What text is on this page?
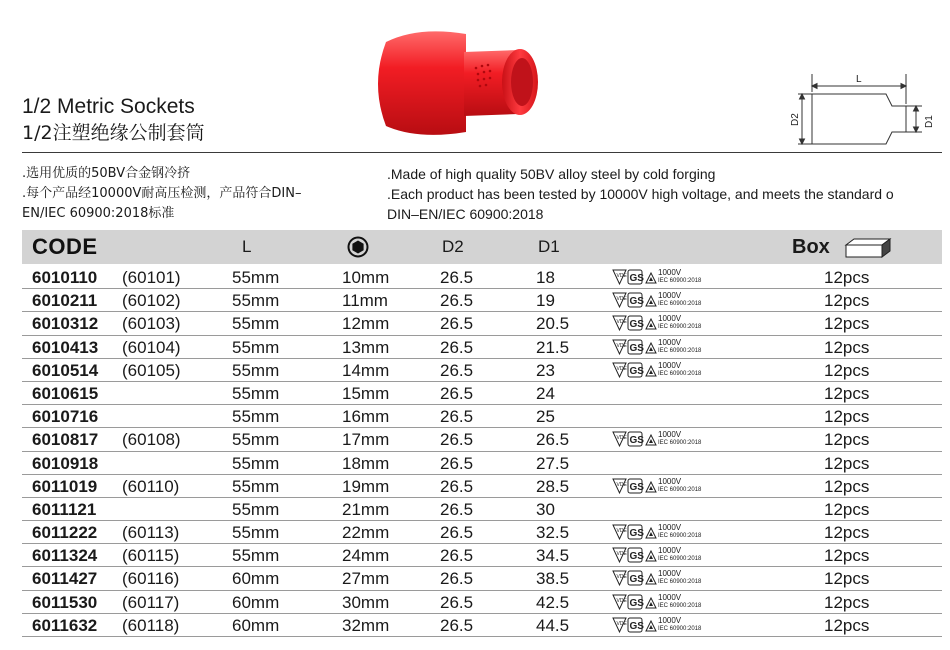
1/2 Metric Sockets
1/2注塑绝缘公制套筒
L
D2	D1
.选用优质的50BV合金钢冷挤
.每个产品经10000V耐高压检测，产品符合DIN–
EN/IEC 60900:2018标准
.Made of high quality 50BV alloy steel by cold forging
.Each product has been tested by 10000V high voltage, and meets the standard o
DIN–EN/IEC 60900:2018
CODE	L	D2	D1	Box
6010110 (60101)	55mm	10mm	26.5	18	VDE GS
1000V
IEC 60900:2018	12pcs
6010211 (60102)	55mm	11mm	26.5	19	VDE GS
1000V
IEC 60900:2018	12pcs
6010312 (60103)	55mm	12mm	26.5	20.5	VDE GS
1000V
IEC 60900:2018	12pcs
6010413 (60104)	55mm	13mm	26.5	21.5	VDE GS
1000V
IEC 60900:2018	12pcs
6010514 (60105)	55mm	14mm	26.5	23	VDE GS
1000V
IEC 60900:2018	12pcs
6010615	55mm	15mm	26.5	24	12pcs
6010716	55mm	16mm	26.5	25	12pcs
6010817 (60108)	55mm	17mm	26.5	26.5	VDE GS
1000V
IEC 60900:2018	12pcs
6010918	55mm	18mm	26.5	27.5	12pcs
6011019 (60110)	55mm	19mm	26.5	28.5	VDE GS
1000V
IEC 60900:2018	12pcs
6011121	55mm	21mm	26.5	30	12pcs
6011222 (60113)	55mm	22mm	26.5	32.5	VDE GS
1000V
IEC 60900:2018	12pcs
6011324 (60115)	55mm	24mm	26.5	34.5	VDE GS
1000V
IEC 60900:2018	12pcs
6011427 (60116)	60mm	27mm	26.5	38.5	VDE GS
1000V
IEC 60900:2018	12pcs
6011530 (60117)	60mm	30mm	26.5	42.5	VDE GS
1000V
IEC 60900:2018	12pcs
6011632 (60118)	60mm	32mm	26.5	44.5	VDE GS
1000V
IEC 60900:2018	12pcs
